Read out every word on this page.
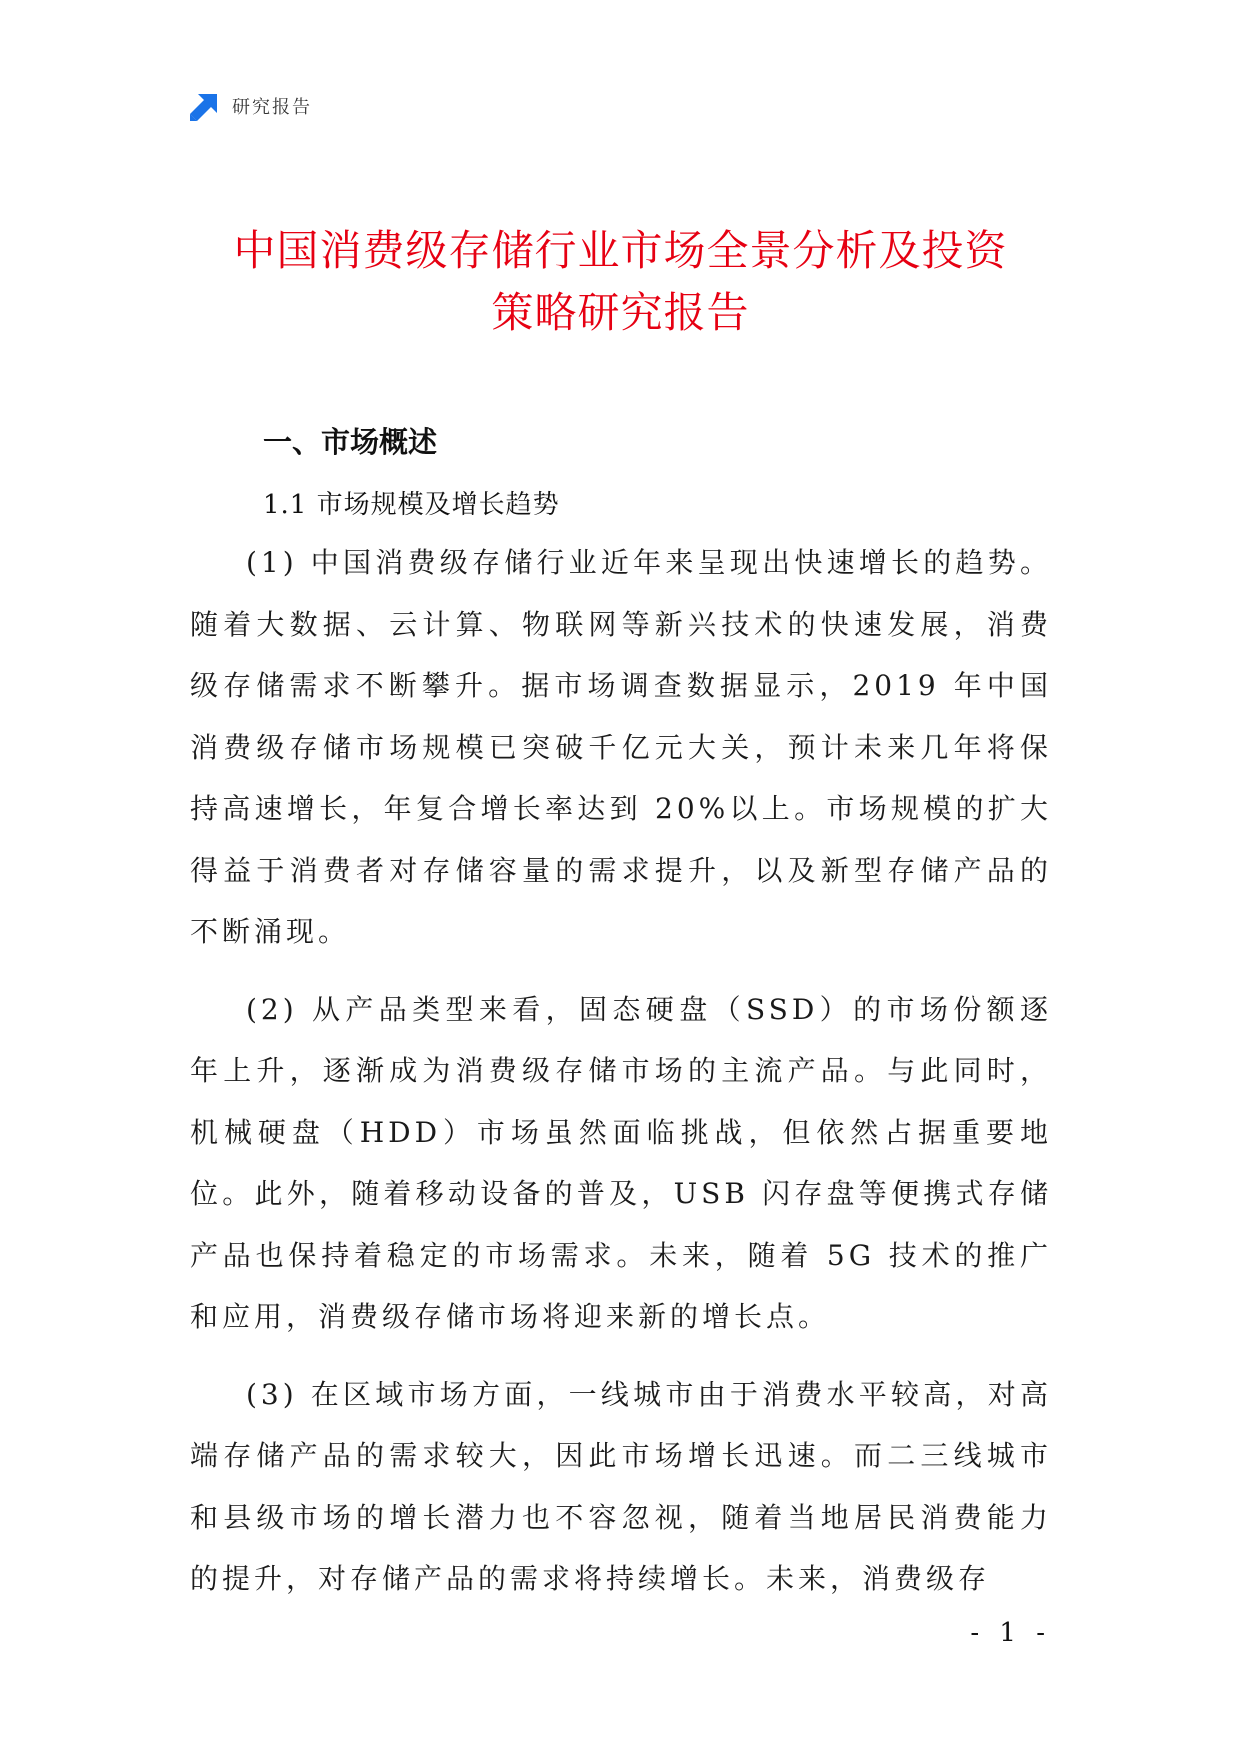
研究报告
中国消费级存储行业市场全景分析及投资
策略研究报告
一、市场概述
1.1 市场规模及增长趋势

(1) 中国消费级存储行业近年来呈现出快速增长的趋势。随着大数据、云计算、物联网等新兴技术的快速发展，消费级存储需求不断攀升。据市场调查数据显示，2019 年中国消费级存储市场规模已突破千亿元大关，预计未来几年将保持高速增长，年复合增长率达到 20%以上。市场规模的扩大得益于消费者对存储容量的需求提升，以及新型存储产品的不断涌现。

(2) 从产品类型来看，固态硬盘（SSD）的市场份额逐年上升，逐渐成为消费级存储市场的主流产品。与此同时，机械硬盘（HDD）市场虽然面临挑战，但依然占据重要地位。此外，随着移动设备的普及，USB 闪存盘等便携式存储产品也保持着稳定的市场需求。未来，随着 5G 技术的推广和应用，消费级存储市场将迎来新的增长点。

(3) 在区域市场方面，一线城市由于消费水平较高，对高端存储产品的需求较大，因此市场增长迅速。而二三线城市和县级市场的增长潜力也不容忽视，随着当地居民消费能力的提升，对存储产品的需求将持续增长。未来，消费级存

- 1 -
